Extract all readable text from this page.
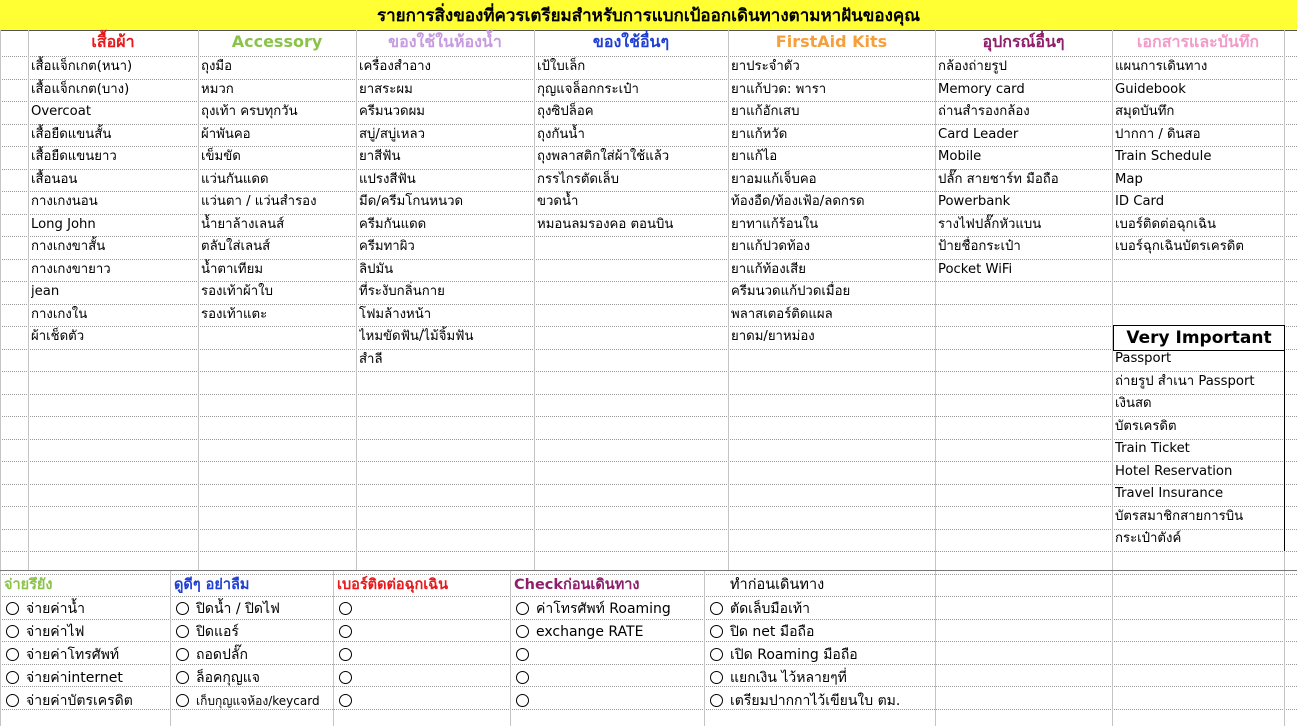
รายการสิ่งของที่ควรเตรียมสำหรับการแบกเป้ออกเดินทางตามหาฝันของคุณ
เสื้อผ้า
เสื้อแจ็กเกต(หนา)
เสื้อแจ็กเกต(บาง)
Overcoat
เสื้อยืดแขนสั้น
เสื้อยืดแขนยาว
เสื้อนอน
กางเกงนอน
Long John
กางเกงขาสั้น
กางเกงขายาว
jean
กางเกงใน
ผ้าเช็ดตัว
Accessory
ถุงมือ
หมวก
ถุงเท้า ครบทุกวัน
ผ้าพันคอ
เข็มขัด
แว่นกันแดด
แว่นตา / แว่นสำรอง
น้ำยาล้างเลนส์
ตลับใส่เลนส์
น้ำตาเทียม
รองเท้าผ้าใบ
รองเท้าแตะ
ของใช้ในห้องน้ำ
เครื่องสำอาง
ยาสระผม
ครีมนวดผม
สบู่/สบู่เหลว
ยาสีฟัน
แปรงสีฟัน
มีด/ครีมโกนหนวด
ครีมกันแดด
ครีมทาผิว
ลิปมัน
ที่ระงับกลิ่นกาย
โฟมล้างหน้า
ไหมขัดฟัน/ไม้จิ้มฟัน
สำลี
ของใช้อื่นๆ
เป้ใบเล็ก
กุญแจล็อกกระเป๋า
ถุงซิปล็อค
ถุงกันน้ำ
ถุงพลาสติกใส่ผ้าใช้แล้ว
กรรไกรตัดเล็บ
ขวดน้ำ
หมอนลมรองคอ ตอนบิน
FirstAid Kits
ยาประจำตัว
ยาแก้ปวด: พารา
ยาแก้อักเสบ
ยาแก้หวัด
ยาแก้ไอ
ยาอมแก้เจ็บคอ
ท้องอืด/ท้องเฟ้อ/ลดกรด
ยาทาแก้ร้อนใน
ยาแก้ปวดท้อง
ยาแก้ท้องเสีย
ครีมนวดแก้ปวดเมื่อย
พลาสเตอร์ติดแผล
ยาดม/ยาหม่อง
อุปกรณ์อื่นๆ
กล้องถ่ายรูป
Memory card
ถ่านสำรองกล้อง
Card Leader
Mobile
ปลั๊ก สายชาร์ท มือถือ
Powerbank
รางไฟปลั๊กหัวแบน
ป้ายชื่อกระเป๋า
Pocket WiFi
เอกสารและบันทึก
แผนการเดินทาง
Guidebook
สมุดบันทึก
ปากกา / ดินสอ
Train Schedule
Map
ID Card
เบอร์ติดต่อฉุกเฉิน
เบอร์ฉุกเฉินบัตรเครดิต
Very Important
Passport
ถ่ายรูป สำเนา Passport
เงินสด
บัตรเครดิต
Train Ticket
Hotel Reservation
Travel Insurance
บัตรสมาชิกสายการบิน
กระเป๋าตังค์
จ่ายรึยัง
จ่ายค่าน้ำ
จ่ายค่าไฟ
จ่ายค่าโทรศัพท์
จ่ายค่าinternet
จ่ายค่าบัตรเครดิต
ดูดีๆ อย่าลืม
ปิดน้ำ / ปิดไฟ
ปิดแอร์
ถอดปลั๊ก
ล็อคกุญแจ
เก็บกุญแจห้อง/keycard
เบอร์ติดต่อฉุกเฉิน	Checkก่อนเดินทาง
ค่าโทรศัพท์ Roaming
exchange RATE
ทำก่อนเดินทาง
ตัดเล็บมือเท้า
ปิด net มือถือ
เปิด Roaming มือถือ
แยกเงิน ไว้หลายๆที่
เตรียมปากกาไว้เขียนใบ ตม.
